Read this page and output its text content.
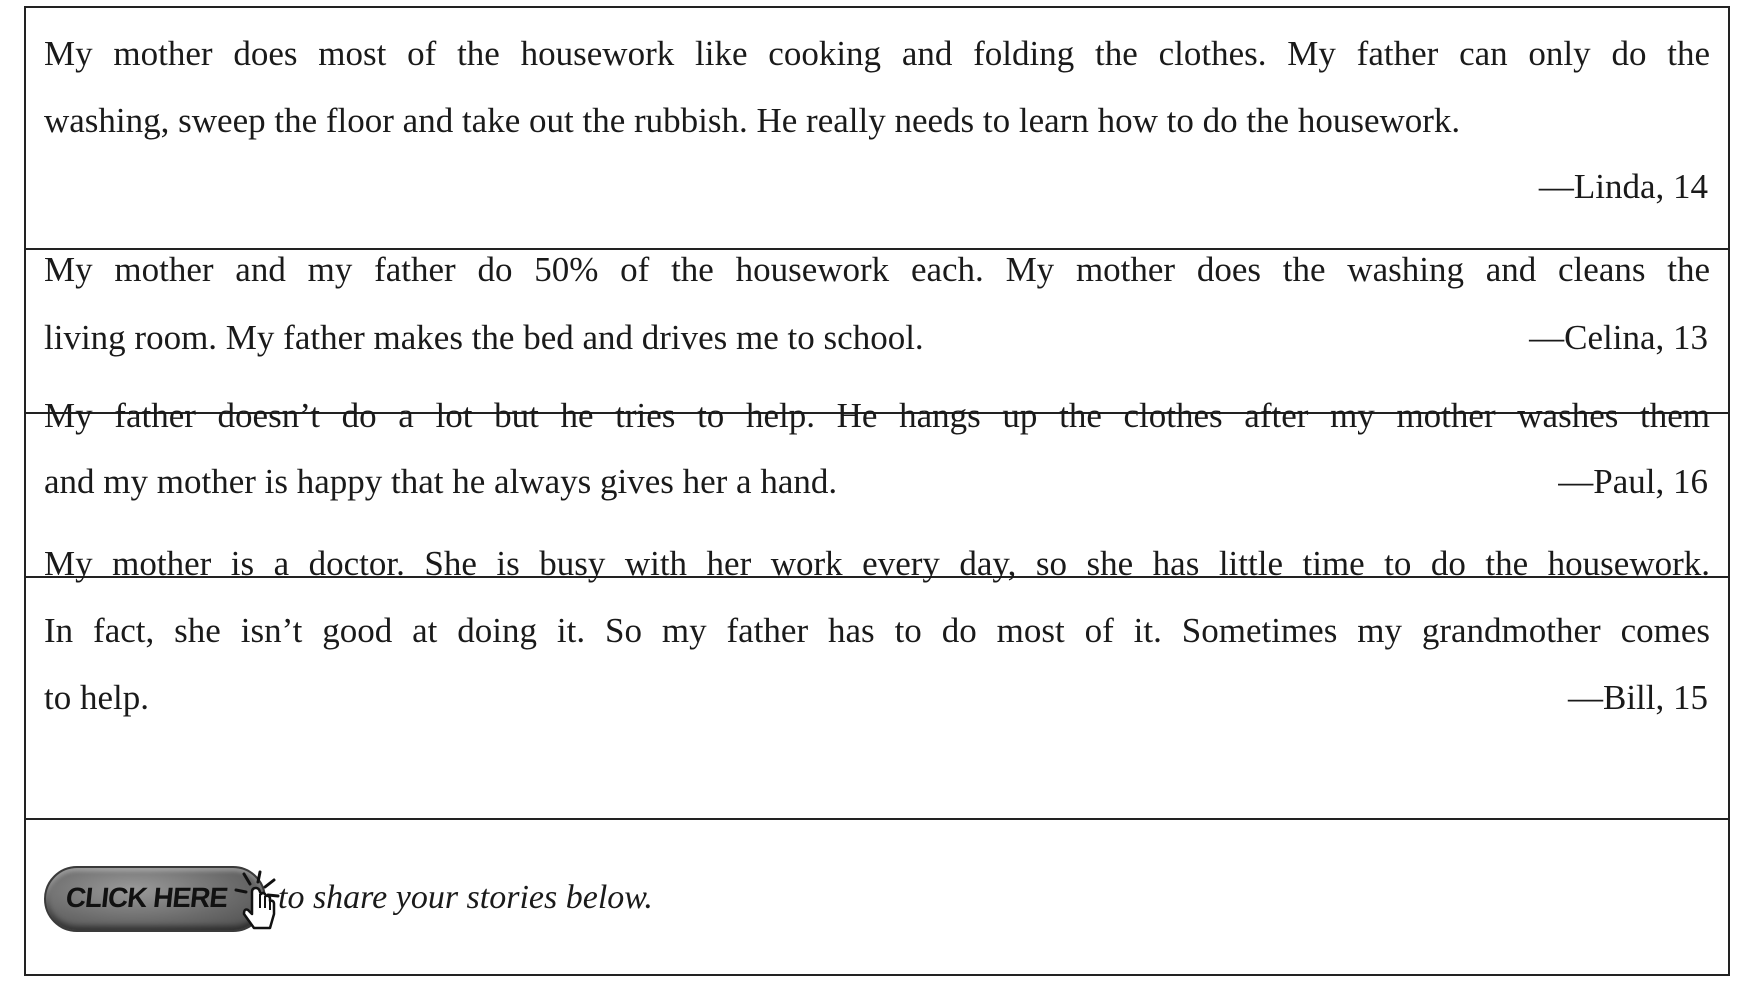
My mother does most of the housework like cooking and folding the clothes. My father can only do the
washing, sweep the floor and take out the rubbish. He really needs to learn how to do the housework.
—Linda, 14
My mother and my father do 50% of the housework each. My mother does the washing and cleans the
living room. My father makes the bed and drives me to school.	—Celina, 13
My father doesn’t do a lot but he tries to help. He hangs up the clothes after my mother washes them
and my mother is happy that he always gives her a hand.	—Paul, 16
My mother is a doctor. She is busy with her work every day, so she has little time to do the housework.
In fact, she isn’t good at doing it. So my father has to do most of it. Sometimes my grandmother comes
to help.	—Bill, 15
CLICK HERE to share your stories below.
